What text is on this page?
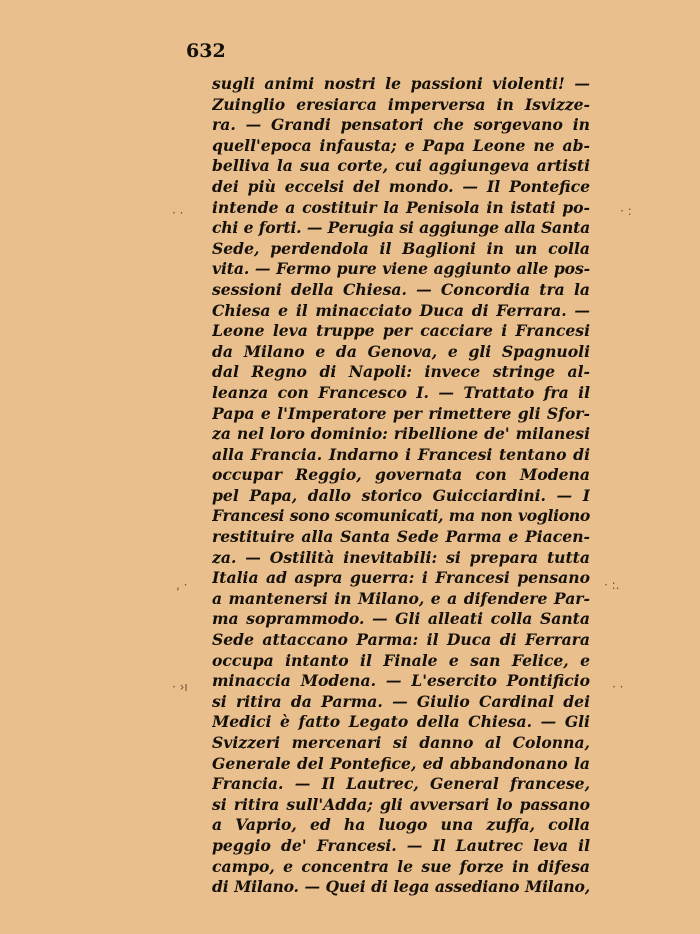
632
sugli animi nostri le passioni violenti! —
Zuinglio eresiarca imperversa in Isvizze-
ra. — Grandi pensatori che sorgevano in
quell'epoca infausta; e Papa Leone ne ab-
belliva la sua corte, cui aggiungeva artisti
dei più eccelsi del mondo. — Il Pontefice
intende a costituir la Penisola in istati po-
chi e forti. — Perugia si aggiunge alla Santa
Sede, perdendola il Baglioni in un colla
vita. — Fermo pure viene aggiunto alle pos-
sessioni della Chiesa. — Concordia tra la
Chiesa e il minacciato Duca di Ferrara. —
Leone leva truppe per cacciare i Francesi
da Milano e da Genova, e gli Spagnuoli
dal Regno di Napoli: invece stringe al-
leanza con Francesco I. — Trattato fra il
Papa e l'Imperatore per rimettere gli Sfor-
za nel loro dominio: ribellione de' milanesi
alla Francia. Indarno i Francesi tentano di
occupar Reggio, governata con Modena
pel Papa, dallo storico Guicciardini. — I
Francesi sono scomunicati, ma non vogliono
restituire alla Santa Sede Parma e Piacen-
za. — Ostilità inevitabili: si prepara tutta
Italia ad aspra guerra: i Francesi pensano
a mantenersi in Milano, e a difendere Par-
ma soprammodo. — Gli alleati colla Santa
Sede attaccano Parma: il Duca di Ferrara
occupa intanto il Finale e san Felice, e
minaccia Modena. — L'esercito Pontificio
si ritira da Parma. — Giulio Cardinal dei
Medici è fatto Legato della Chiesa. — Gli
Svizzeri mercenari si danno al Colonna,
Generale del Pontefice, ed abbandonano la
Francia. — Il Lautrec, General francese,
si ritira sull'Adda; gli avversari lo passano
a Vaprio, ed ha luogo una zuffa, colla
peggio de' Francesi. — Il Lautrec leva il
campo, e concentra le sue forze in difesa
di Milano. — Quei di lega assediano Milano,
· ·	· :
‚ ·	· :.
· ›ı	· ·
